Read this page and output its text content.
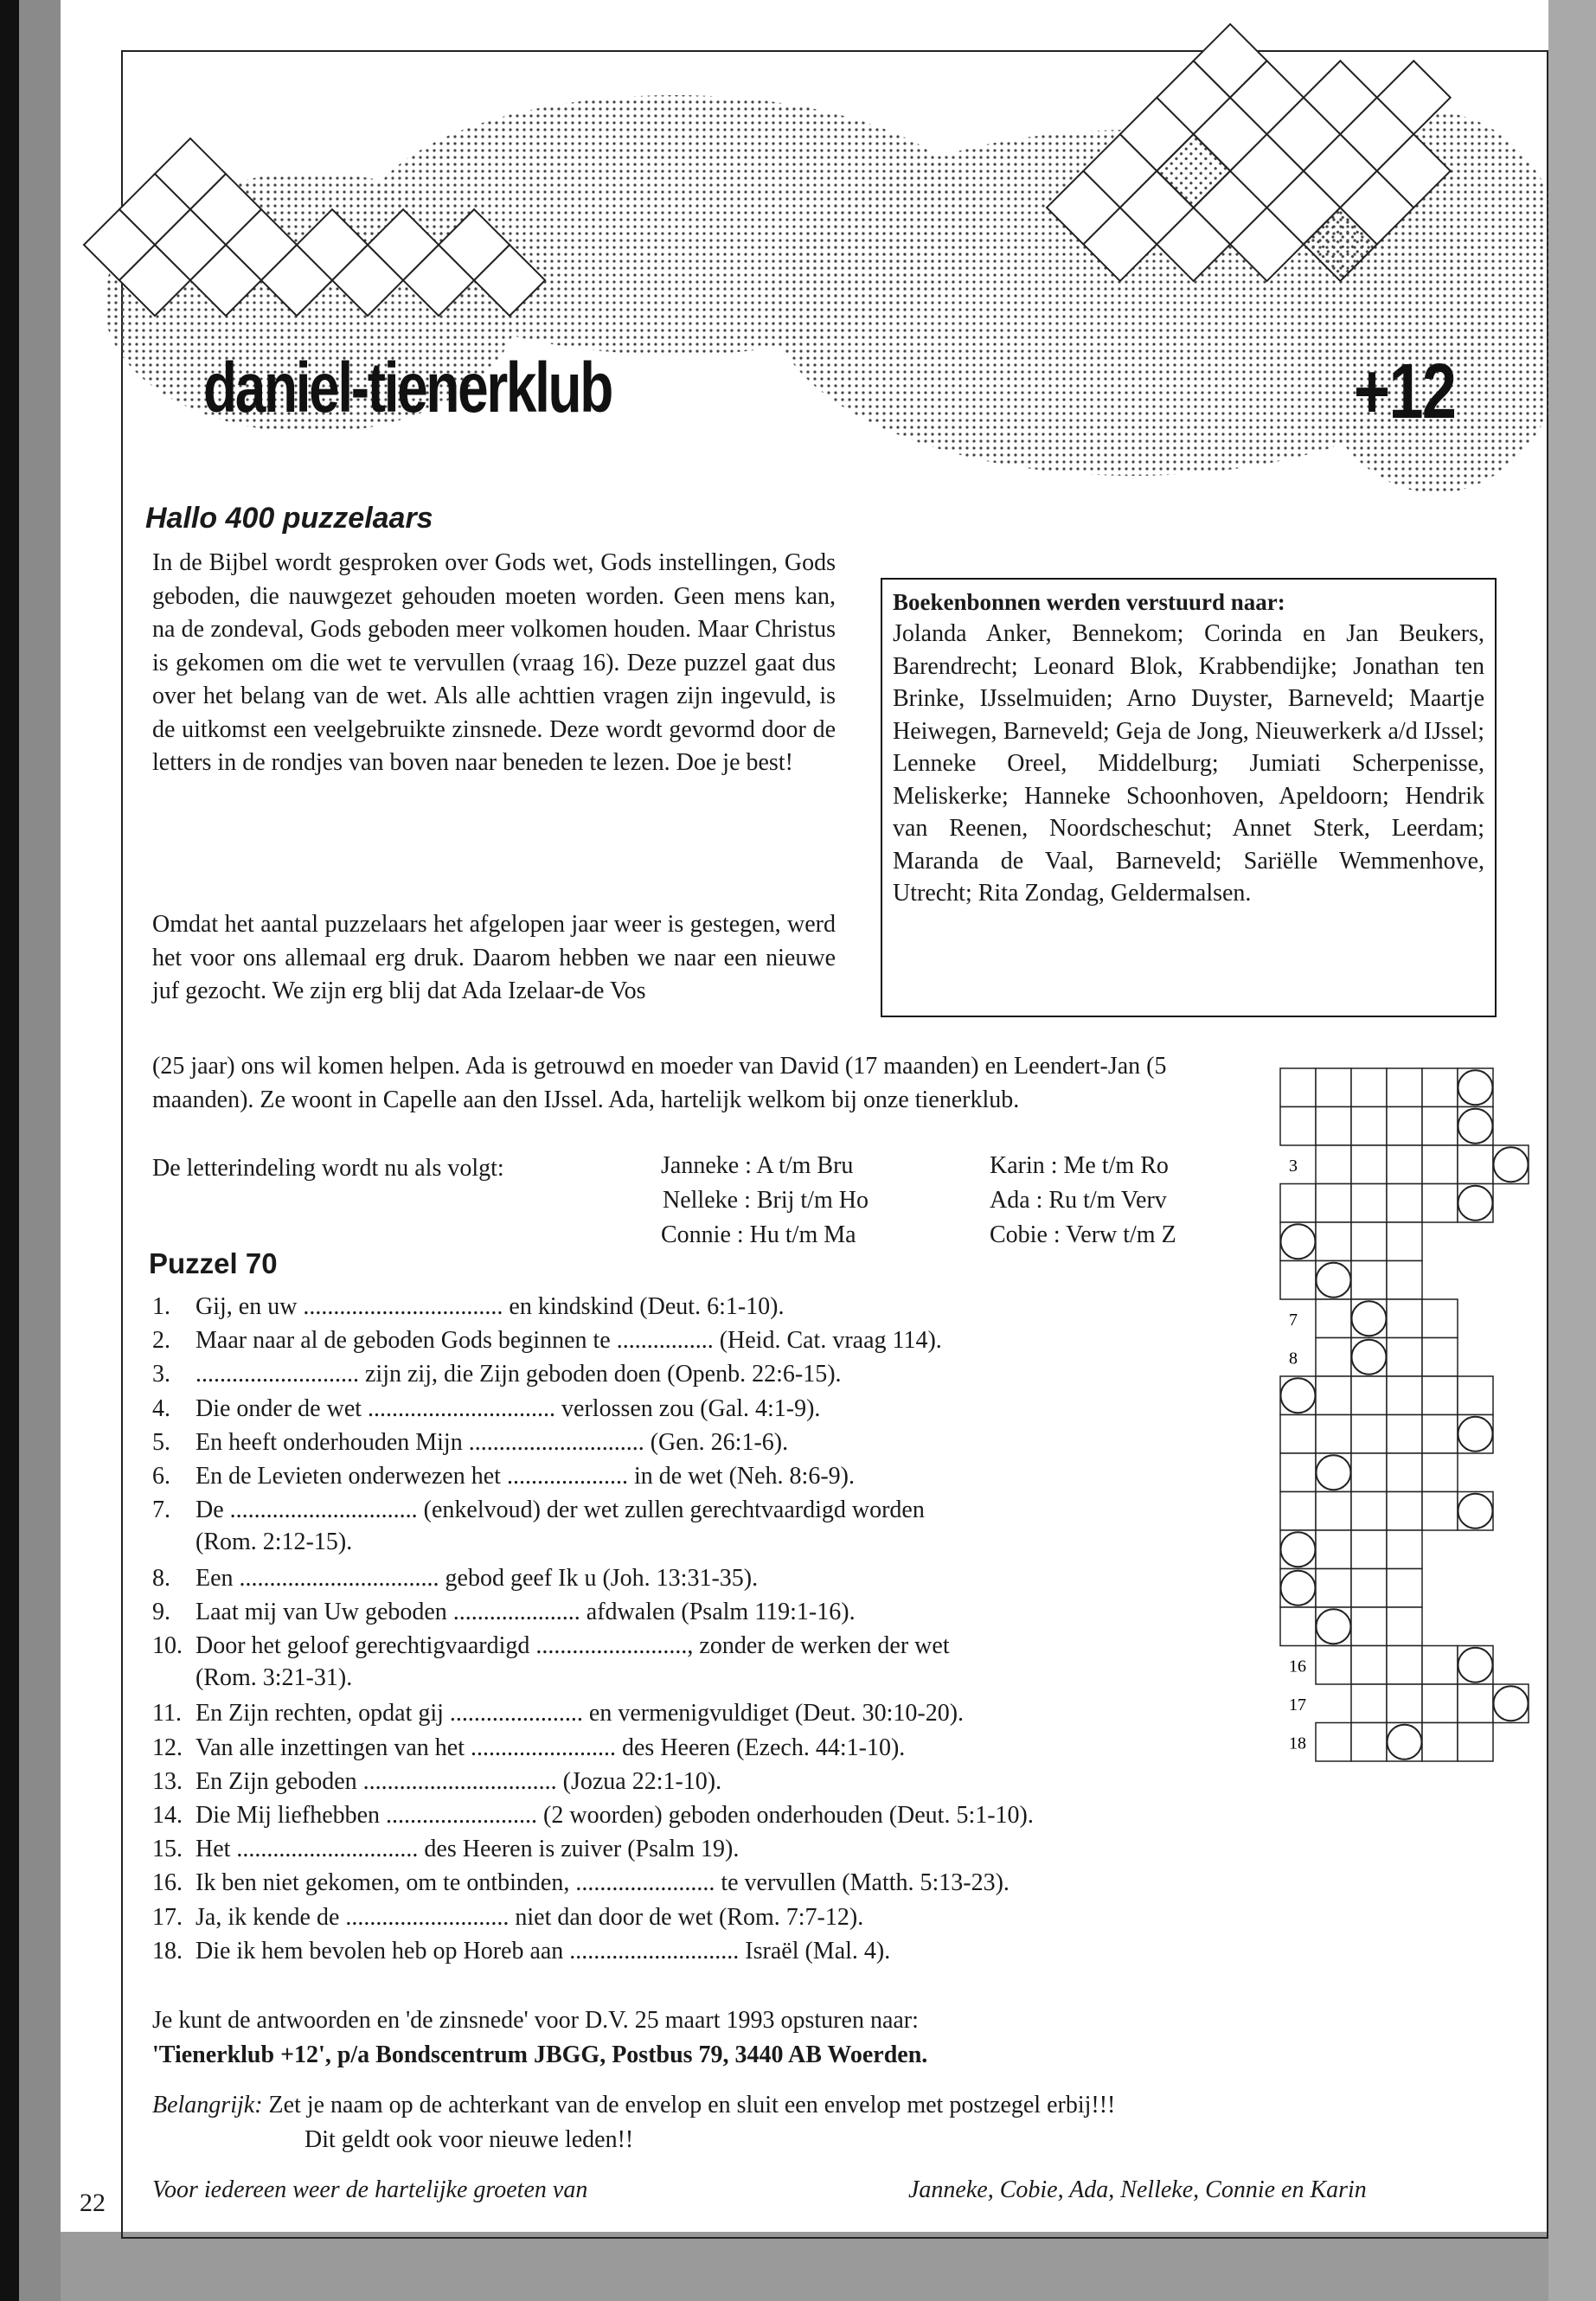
daniel-tienerklub	+12
Hallo 400 puzzelaars

In de Bijbel wordt gesproken over Gods wet, Gods instellingen, Gods geboden, die nauwgezet gehouden moeten worden. Geen mens kan, na de zondeval, Gods geboden meer volkomen houden. Maar Christus is gekomen om die wet te vervullen (vraag 16). Deze puzzel gaat dus over het belang van de wet. Als alle achttien vragen zijn ingevuld, is de uitkomst een veelgebruikte zinsnede. Deze wordt gevormd door de letters in de rondjes van boven naar beneden te lezen. Doe je best!

Omdat het aantal puzzelaars het afgelopen jaar weer is gestegen, werd het voor ons allemaal erg druk. Daarom hebben we naar een nieuwe juf gezocht. We zijn erg blij dat Ada Izelaar-de Vos

(25 jaar) ons wil komen helpen. Ada is getrouwd en moeder van David (17 maanden) en Leendert-Jan (5 maanden). Ze woont in Capelle aan den IJssel. Ada, hartelijk welkom bij onze tienerklub.

Boekenbonnen werden verstuurd naar:

Jolanda Anker, Bennekom; Corinda en Jan Beukers, Barendrecht; Leonard Blok, Krabbendijke; Jonathan ten Brinke, IJsselmuiden; Arno Duyster, Barneveld; Maartje Heiwegen, Barneveld; Geja de Jong, Nieuwerkerk a/d IJssel; Lenneke Oreel, Middelburg; Jumiati Scherpenisse, Meliskerke; Hanneke Schoonhoven, Apeldoorn; Hendrik van Reenen, Noordscheschut; Annet Sterk, Leerdam; Maranda de Vaal, Barneveld; Sariëlle Wemmenhove, Utrecht; Rita Zondag, Geldermalsen.

De letterindeling wordt nu als volgt:	Janneke : A t/m Bru	Karin : Me t/m Ro
Nelleke : Brij t/m Ho	Ada : Ru t/m Verv
Connie : Hu t/m Ma	Cobie : Verw t/m Z
Puzzel 70
1. Gij, en uw ................................. en kindskind (Deut. 6:1-10).
2. Maar naar al de geboden Gods beginnen te ................ (Heid. Cat. vraag 114).
3. ........................... zijn zij, die Zijn geboden doen (Openb. 22:6-15).
4. Die onder de wet ............................... verlossen zou (Gal. 4:1-9).
5. En heeft onderhouden Mijn ............................. (Gen. 26:1-6).
6. En de Levieten onderwezen het .................... in de wet (Neh. 8:6-9).
7. De ............................... (enkelvoud) der wet zullen gerechtvaardigd worden
(Rom. 2:12-15).
8. Een ................................. gebod geef Ik u (Joh. 13:31-35).
9. Laat mij van Uw geboden ..................... afdwalen (Psalm 119:1-16).
10. Door het geloof gerechtigvaardigd ........................., zonder de werken der wet
(Rom. 3:21-31).
11. En Zijn rechten, opdat gij ...................... en vermenigvuldiget (Deut. 30:10-20).
12. Van alle inzettingen van het ........................ des Heeren (Ezech. 44:1-10).
13. En Zijn geboden ................................ (Jozua 22:1-10).
14. Die Mij liefhebben ......................... (2 woorden) geboden onderhouden (Deut. 5:1-10).
15. Het .............................. des Heeren is zuiver (Psalm 19).
16. Ik ben niet gekomen, om te ontbinden, ....................... te vervullen (Matth. 5:13-23).
17. Ja, ik kende de ........................... niet dan door de wet (Rom. 7:7-12).
18. Die ik hem bevolen heb op Horeb aan ............................ Israël (Mal. 4).
3
7
8
16
17
18
Je kunt de antwoorden en 'de zinsnede' voor D.V. 25 maart 1993 opsturen naar:
'Tienerklub +12', p/a Bondscentrum JBGG, Postbus 79, 3440 AB Woerden.
Belangrijk: Zet je naam op de achterkant van de envelop en sluit een envelop met postzegel erbij!!!
Dit geldt ook voor nieuwe leden!!
Voor iedereen weer de hartelijke groeten van	Janneke, Cobie, Ada, Nelleke, Connie en Karin
22
